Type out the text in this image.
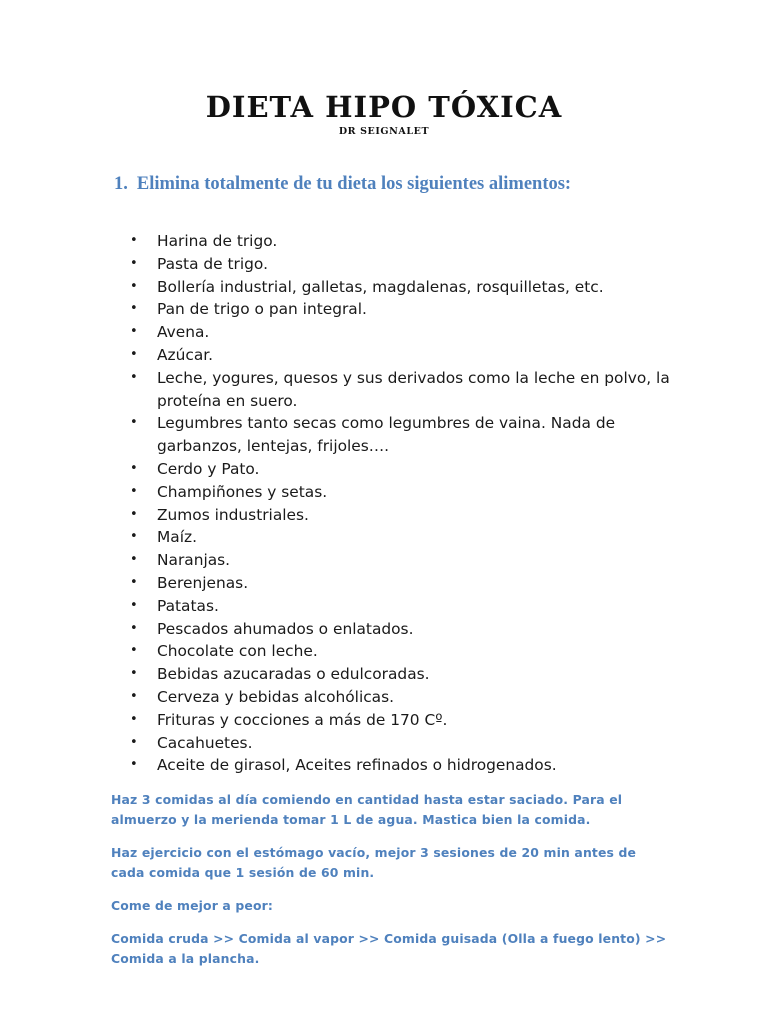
DIETA HIPO TÓXICA
DR SEIGNALET
1. Elimina totalmente de tu dieta los siguientes alimentos:
• Harina de trigo.
• Pasta de trigo.
• Bollería industrial, galletas, magdalenas, rosquilletas, etc.
• Pan de trigo o pan integral.
• Avena.
• Azúcar.
• Leche, yogures, quesos y sus derivados como la leche en polvo, la proteína en suero.
• Legumbres tanto secas como legumbres de vaina. Nada de garbanzos, lentejas, frijoles….
• Cerdo y Pato.
• Champiñones y setas.
• Zumos industriales.
• Maíz.
• Naranjas.
• Berenjenas.
• Patatas.
• Pescados ahumados o enlatados.
• Chocolate con leche.
• Bebidas azucaradas o edulcoradas.
• Cerveza y bebidas alcohólicas.
• Frituras y cocciones a más de 170 Cº.
• Cacahuetes.
• Aceite de girasol, Aceites refinados o hidrogenados.
Haz 3 comidas al día comiendo en cantidad hasta estar saciado. Para el almuerzo y la merienda tomar 1 L de agua. Mastica bien la comida.
Haz ejercicio con el estómago vacío, mejor 3 sesiones de 20 min antes de cada comida que 1 sesión de 60 min.
Come de mejor a peor:
Comida cruda >> Comida al vapor >> Comida guisada (Olla a fuego lento) >> Comida a la plancha.
